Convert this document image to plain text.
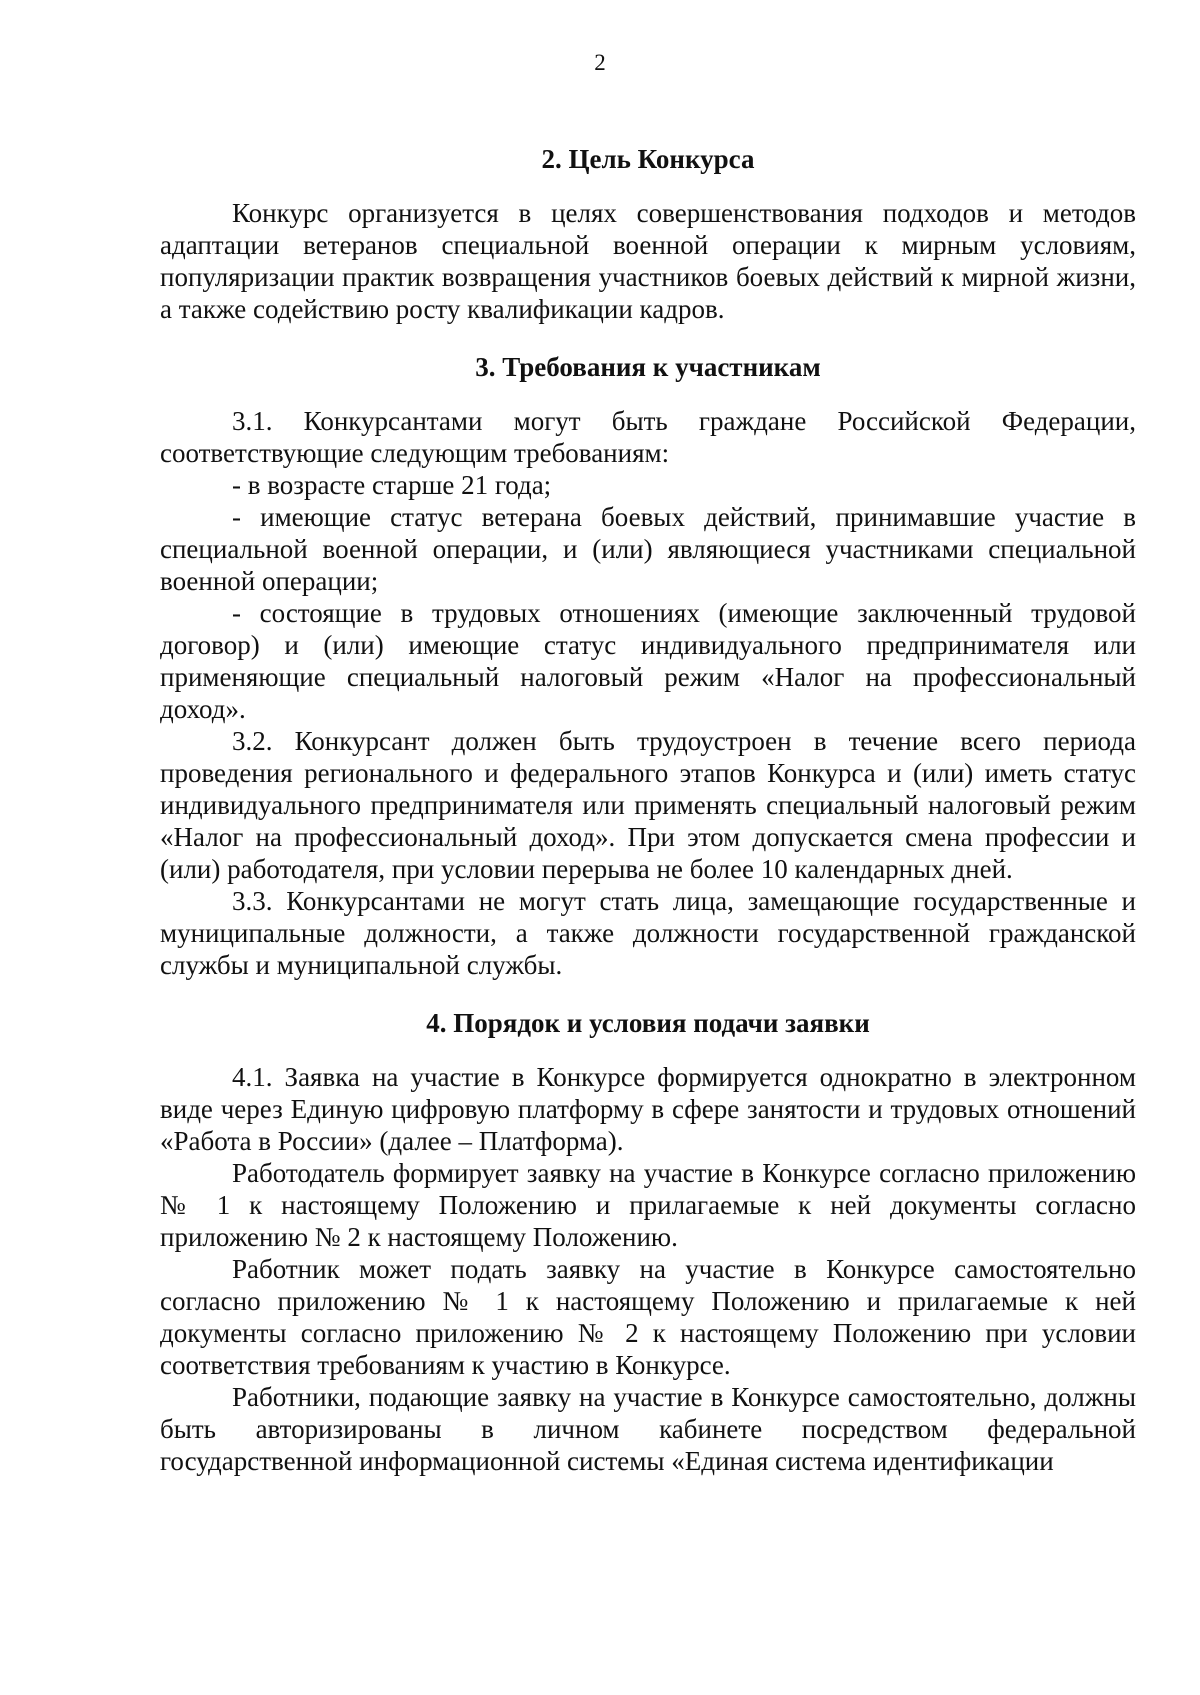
2
2. Цель Конкурса

Конкурс организуется в целях совершенствования подходов и методов адаптации ветеранов специальной военной операции к мирным условиям, популяризации практик возвращения участников боевых действий к мирной жизни, а также содействию росту квалификации кадров.

3. Требования к участникам

3.1. Конкурсантами могут быть граждане Российской Федерации, соответствующие следующим требованиям:

- в возрасте старше 21 года;

- имеющие статус ветерана боевых действий, принимавшие участие в специальной военной операции, и (или) являющиеся участниками специальной военной операции;

- состоящие в трудовых отношениях (имеющие заключенный трудовой договор) и (или) имеющие статус индивидуального предпринимателя или применяющие специальный налоговый режим «Налог на профессиональный доход».

3.2. Конкурсант должен быть трудоустроен в течение всего периода проведения регионального и федерального этапов Конкурса и (или) иметь статус индивидуального предпринимателя или применять специальный налоговый режим «Налог на профессиональный доход». При этом допускается смена профессии и (или) работодателя, при условии перерыва не более 10 календарных дней.

3.3. Конкурсантами не могут стать лица, замещающие государственные и муниципальные должности, а также должности государственной гражданской службы и муниципальной службы.

4. Порядок и условия подачи заявки

4.1. Заявка на участие в Конкурсе формируется однократно в электронном виде через Единую цифровую платформу в сфере занятости и трудовых отношений «Работа в России» (далее – Платформа).

Работодатель формирует заявку на участие в Конкурсе согласно приложению № 1 к настоящему Положению и прилагаемые к ней документы согласно приложению № 2 к настоящему Положению.

Работник может подать заявку на участие в Конкурсе самостоятельно согласно приложению № 1 к настоящему Положению и прилагаемые к ней документы согласно приложению № 2 к настоящему Положению при условии соответствия требованиям к участию в Конкурсе.

Работники, подающие заявку на участие в Конкурсе самостоятельно, должны быть авторизированы в личном кабинете посредством федеральной государственной информационной системы «Единая система идентификации
